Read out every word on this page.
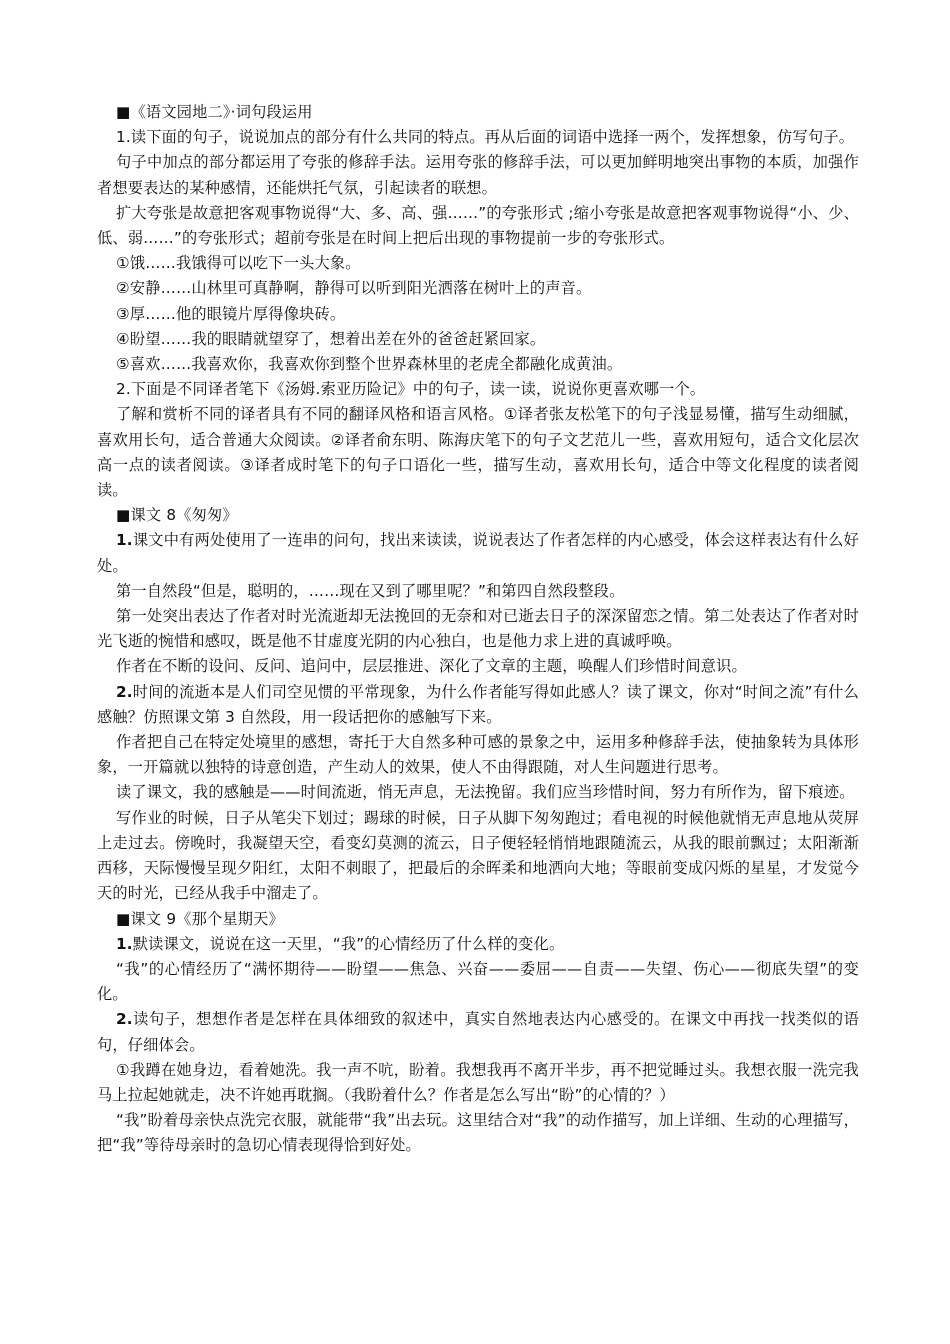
■《语文园地二》·词句段运用

1.读下面的句子，说说加点的部分有什么共同的特点。再从后面的词语中选择一两个，发挥想象，仿写句子。

句子中加点的部分都运用了夸张的修辞手法。运用夸张的修辞手法，可以更加鲜明地突出事物的本质，加强作者想要表达的某种感情，还能烘托气氛，引起读者的联想。

扩大夸张是故意把客观事物说得“大、多、高、强……”的夸张形式 ;缩小夸张是故意把客观事物说得“小、少、低、弱……”的夸张形式；超前夸张是在时间上把后出现的事物提前一步的夸张形式。

①饿……我饿得可以吃下一头大象。

②安静……山林里可真静啊，静得可以听到阳光洒落在树叶上的声音。

③厚……他的眼镜片厚得像块砖。

④盼望……我的眼睛就望穿了，想着出差在外的爸爸赶紧回家。

⑤喜欢……我喜欢你，我喜欢你到整个世界森林里的老虎全都融化成黄油。

2.下面是不同译者笔下《汤姆.索亚历险记》中的句子，读一读，说说你更喜欢哪一个。

了解和赏析不同的译者具有不同的翻译风格和语言风格。①译者张友松笔下的句子浅显易懂，描写生动细腻，喜欢用长句，适合普通大众阅读。②译者俞东明、陈海庆笔下的句子文艺范儿一些，喜欢用短句，适合文化层次高一点的读者阅读。③译者成时笔下的句子口语化一些，描写生动，喜欢用长句，适合中等文化程度的读者阅读。

■课文 8《匆匆》

1.课文中有两处使用了一连串的问句，找出来读读，说说表达了作者怎样的内心感受，体会这样表达有什么好处。

第一自然段“但是，聪明的，……现在又到了哪里呢？”和第四自然段整段。

第一处突出表达了作者对时光流逝却无法挽回的无奈和对已逝去日子的深深留恋之情。第二处表达了作者对时光飞逝的惋惜和感叹，既是他不甘虚度光阴的内心独白，也是他力求上进的真诚呼唤。

作者在不断的设问、反问、追问中，层层推进、深化了文章的主题，唤醒人们珍惜时间意识。

2.时间的流逝本是人们司空见惯的平常现象，为什么作者能写得如此感人？读了课文，你对“时间之流”有什么感触？仿照课文第 3 自然段，用一段话把你的感触写下来。

作者把自己在特定处境里的感想，寄托于大自然多种可感的景象之中，运用多种修辞手法，使抽象转为具体形象，一开篇就以独特的诗意创造，产生动人的效果，使人不由得跟随，对人生问题进行思考。

读了课文，我的感触是——时间流逝，悄无声息，无法挽留。我们应当珍惜时间，努力有所作为，留下痕迹。

写作业的时候，日子从笔尖下划过；踢球的时候，日子从脚下匆匆跑过；看电视的时候他就悄无声息地从荧屏上走过去。傍晚时，我凝望天空，看变幻莫测的流云，日子便轻轻悄悄地跟随流云，从我的眼前飘过；太阳渐渐西移，天际慢慢呈现夕阳红，太阳不刺眼了，把最后的余晖柔和地洒向大地；等眼前变成闪烁的星星，才发觉今天的时光，已经从我手中溜走了。

■课文 9《那个星期天》

1.默读课文，说说在这一天里，“我”的心情经历了什么样的变化。

“我”的心情经历了“满怀期待——盼望——焦急、兴奋——委屈——自责——失望、伤心——彻底失望”的变化。

2.读句子，想想作者是怎样在具体细致的叙述中，真实自然地表达内心感受的。在课文中再找一找类似的语句，仔细体会。

①我蹲在她身边，看着她洗。我一声不吭，盼着。我想我再不离开半步，再不把觉睡过头。我想衣服一洗完我马上拉起她就走，决不许她再耽搁。（我盼着什么？作者是怎么写出“盼”的心情的？）

“我”盼着母亲快点洗完衣服，就能带“我”出去玩。这里结合对“我”的动作描写，加上详细、生动的心理描写，把“我”等待母亲时的急切心情表现得恰到好处。
